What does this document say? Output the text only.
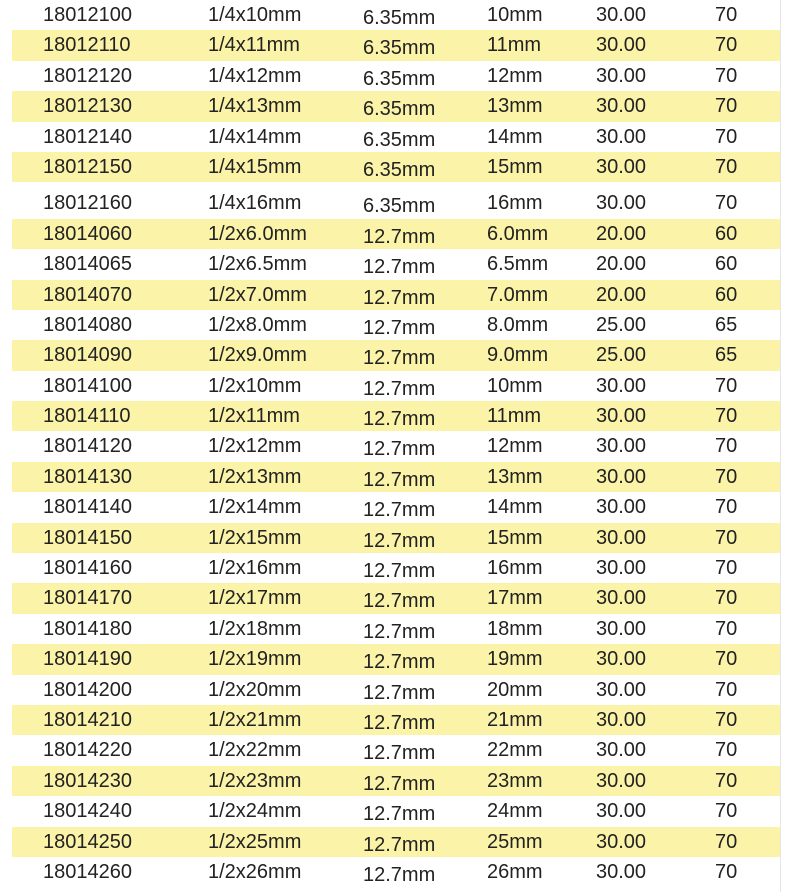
18012100	1/4x10mm	6.35mm	10mm	30.00	70
18012110	1/4x11mm	6.35mm	11mm	30.00	70
18012120	1/4x12mm	6.35mm	12mm	30.00	70
18012130	1/4x13mm	6.35mm	13mm	30.00	70
18012140	1/4x14mm	6.35mm	14mm	30.00	70
18012150	1/4x15mm	6.35mm	15mm	30.00	70
18012160	1/4x16mm	6.35mm	16mm	30.00	70
18014060	1/2x6.0mm	12.7mm	6.0mm 20.00	60
18014065	1/2x6.5mm	12.7mm	6.5mm 20.00	60
18014070	1/2x7.0mm	12.7mm	7.0mm 20.00	60
18014080	1/2x8.0mm	12.7mm	8.0mm 25.00	65
18014090	1/2x9.0mm	12.7mm	9.0mm 25.00	65
18014100	1/2x10mm	12.7mm	10mm	30.00	70
18014110	1/2x11mm	12.7mm	11mm	30.00	70
18014120	1/2x12mm	12.7mm	12mm	30.00	70
18014130	1/2x13mm	12.7mm	13mm	30.00	70
18014140	1/2x14mm	12.7mm	14mm	30.00	70
18014150	1/2x15mm	12.7mm	15mm	30.00	70
18014160	1/2x16mm	12.7mm	16mm	30.00	70
18014170	1/2x17mm	12.7mm	17mm	30.00	70
18014180	1/2x18mm	12.7mm	18mm	30.00	70
18014190	1/2x19mm	12.7mm	19mm	30.00	70
18014200	1/2x20mm	12.7mm	20mm	30.00	70
18014210	1/2x21mm	12.7mm	21mm	30.00	70
18014220	1/2x22mm	12.7mm	22mm	30.00	70
18014230	1/2x23mm	12.7mm	23mm	30.00	70
18014240	1/2x24mm	12.7mm	24mm	30.00	70
18014250	1/2x25mm	12.7mm	25mm	30.00	70
18014260	1/2x26mm	12.7mm	26mm	30.00	70
